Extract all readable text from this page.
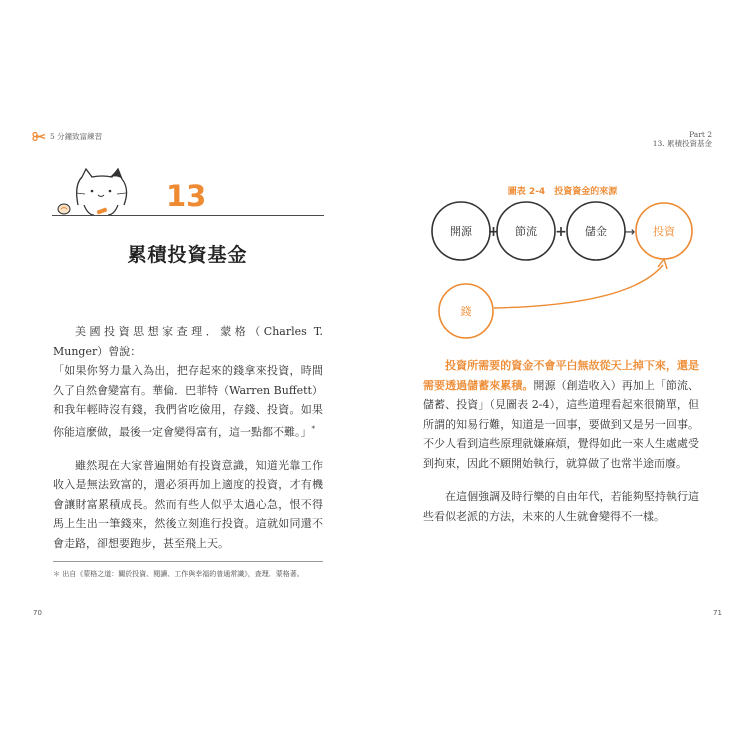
5 分鐘致富練習
13
累積投資基金

美國投資思想家查理．蒙格（Charles T. Munger）曾說：

「如果你努力量入為出，把存起來的錢拿來投資，時間久了自然會變富有。華倫．巴菲特（Warren Buffett）和我年輕時沒有錢，我們省吃儉用，存錢、投資。如果你能這麼做，最後一定會變得富有，這一點都不難。」*

雖然現在大家普遍開始有投資意識，知道光靠工作收入是無法致富的，還必須再加上適度的投資，才有機會讓財富累積成長。然而有些人似乎太過心急，恨不得馬上生出一筆錢來，然後立刻進行投資。這就如同還不會走路，卻想要跑步，甚至飛上天。

＊ 出自《蒙格之道：關於投資、閱讀、工作與幸福的普通常識》，查理．蒙格著。
70
Part 2
13. 累積投資基金
圖表 2-4　投資資金的來源
開源	節流	儲金	投資
錢
+	+	→

投資所需要的資金不會平白無故從天上掉下來，還是需要透過儲蓄來累積。開源（創造收入）再加上「節流、儲蓄、投資」（見圖表 2-4），這些道理看起來很簡單，但所謂的知易行難，知道是一回事，要做到又是另一回事。不少人看到這些原理就嫌麻煩，覺得如此一來人生處處受到拘束，因此不願開始執行，就算做了也常半途而廢。

在這個強調及時行樂的自由年代，若能夠堅持執行這些看似老派的方法，未來的人生就會變得不一樣。

71
